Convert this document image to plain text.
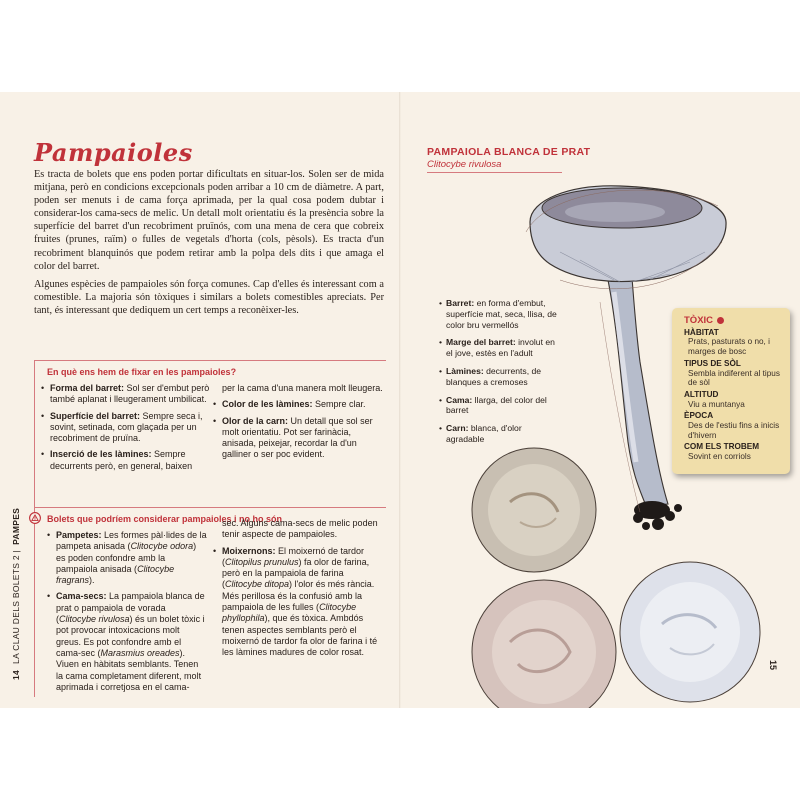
Pampaioles

Es tracta de bolets que ens poden portar dificultats en situar-los. Solen ser de mida mitjana, però en condicions excepcionals poden arribar a 10 cm de diàmetre. A part, poden ser menuts i de cama força aprimada, per la qual cosa podem dubtar i considerar-los cama-secs de melic. Un detall molt orientatiu és la presència sobre la superfície del barret d'un recobriment pruïnós, com una mena de cera que cobreix fruites (prunes, raïm) o fulles de vegetals d'horta (cols, pèsols). Es tracta d'un recobriment blanquinós que podem retirar amb la polpa dels dits i que amaga el color del barret.

Algunes espècies de pampaioles són força comunes. Cap d'elles és interessant com a comestible. La majoria són tòxiques i similars a bolets comestibles apreciats. Per tant, és interessant que dediquem un cert temps a reconèixer-les.

En què ens hem de fixar en les pampaioles?
• Forma del barret: Sol ser d'embut però també aplanat i lleugerament umbilicat.
• Superfície del barret: Sempre seca i, sovint, setinada, com glaçada per un recobriment de pruïna.
• Inserció de les làmines: Sempre decurrents però, en general, baixen
per la cama d'una manera molt lleugera.
• Color de les làmines: Sempre clar.
• Olor de la carn: Un detall que sol ser molt orientatiu. Pot ser farinàcia, anisada, peixejar, recordar la d'un galliner o ser poc evident.
Bolets que podríem considerar pampaioles i no ho són
• Pampetes: Les formes pàl·lides de la pampeta anisada (Clitocybe odora) es poden confondre amb la pampaiola anisada (Clitocybe fragrans).
• Cama-secs: La pampaiola blanca de prat o pampaiola de vorada (Clitocybe rivulosa) és un bolet tòxic i pot provocar intoxicacions molt greus. Es pot confondre amb el cama-sec (Marasmius oreades). Viuen en hàbitats semblants. Tenen la cama completament diferent, molt aprimada i corretjosa en el cama-
sec. Alguns cama-secs de melic poden tenir aspecte de pampaioles.
• Moixernons: El moixernó de tardor (Clitopilus prunulus) fa olor de farina, però en la pampaiola de farina (Clitocybe ditopa) l'olor és més rància. Més perillosa és la confusió amb la pampaiola de les fulles (Clitocybe phyllophila), que és tòxica. Ambdós tenen aspectes semblants però el moixernó de tardor fa olor de farina i té les làmines madures de color rosat.
14LA CLAU DELS BOLETS 2 |PAMPES
PAMPAIOLA BLANCA DE PRAT
Clitocybe rivulosa
• Barret: en forma d'embut, superfície mat, seca, llisa, de color bru vermellós
• Marge del barret: involut en el jove, estès en l'adult
• Làmines: decurrents, de blanques a cremoses
• Cama: llarga, del color del barret
• Carn: blanca, d'olor agradable
TÒXIC
HÀBITAT
Prats, pasturats o no, i marges de bosc
TIPUS DE SÒL
Sembla indiferent al tipus de sòl
ALTITUD
Viu a muntanya
ÈPOCA
Des de l'estiu fins a inicis d'hivern
COM ELS TROBEM
Sovint en corriols
15
